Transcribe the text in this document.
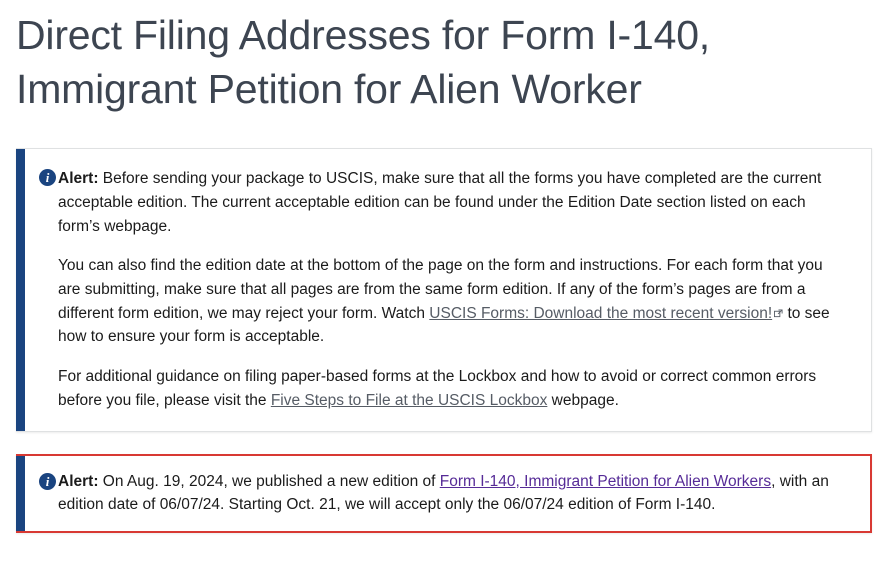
Direct Filing Addresses for Form I-140, Immigrant Petition for Alien Worker
i Alert: Before sending your package to USCIS, make sure that all the forms you have completed are the current acceptable edition. The current acceptable edition can be found under the Edition Date section listed on each form’s webpage.

You can also find the edition date at the bottom of the page on the form and instructions. For each form that you are submitting, make sure that all pages are from the same form edition. If any of the form’s pages are from a different form edition, we may reject your form. Watch USCIS Forms: Download the most recent version!
to see how to ensure your form is acceptable.

For additional guidance on filing paper-based forms at the Lockbox and how to avoid or correct common errors before you file, please visit the Five Steps to File at the USCIS Lockbox webpage.

i Alert: On Aug. 19, 2024, we published a new edition of Form I-140, Immigrant Petition for Alien Workers, with an edition date of 06/07/24. Starting Oct. 21, we will accept only the 06/07/24 edition of Form I-140.
